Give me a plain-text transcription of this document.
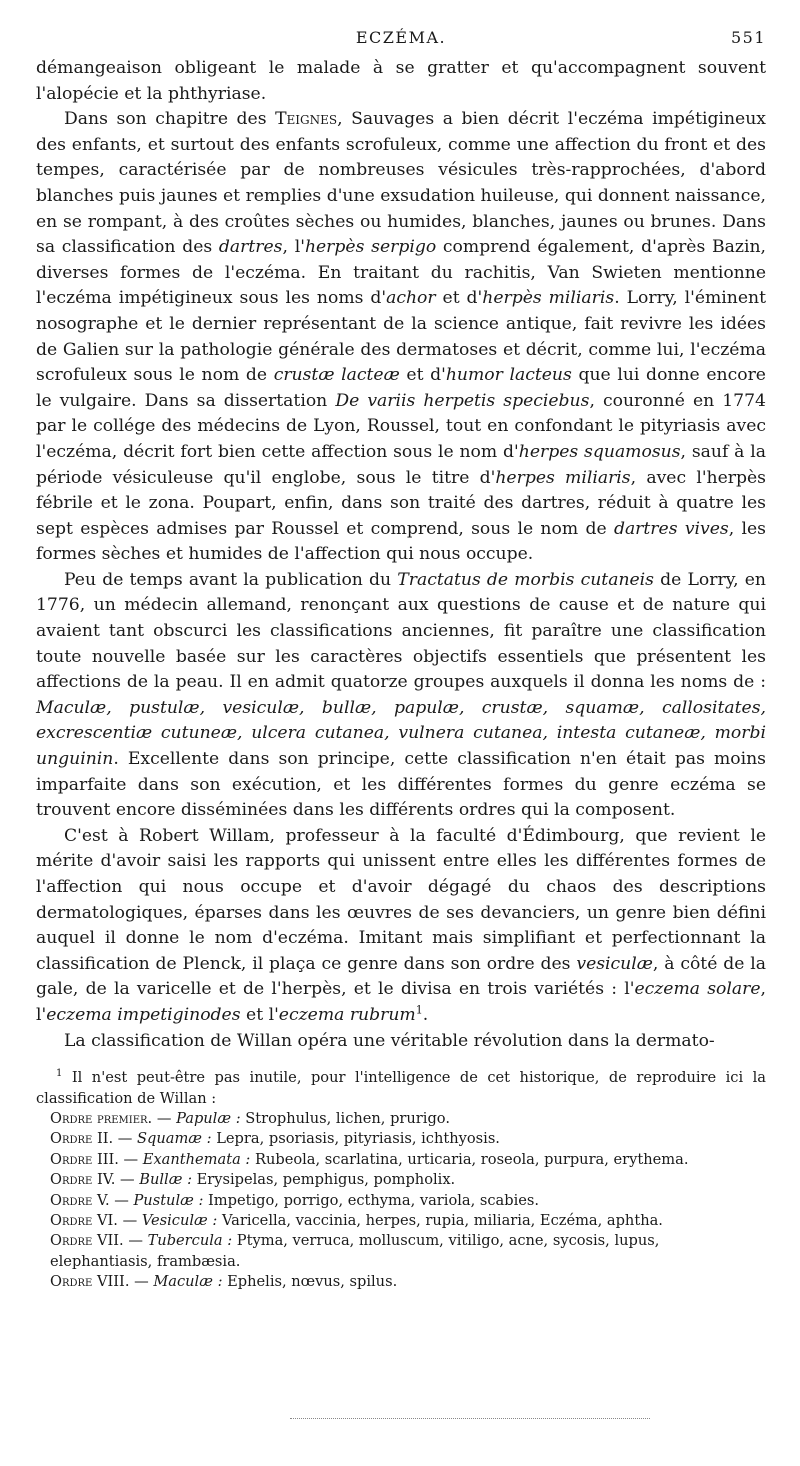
ECZÉMA.	551

démangeaison obligeant le malade à se gratter et qu'accompagnent souvent l'alopécie et la phthyriase.

Dans son chapitre des Teignes, Sauvages a bien décrit l'eczéma impétigineux des enfants, et surtout des enfants scrofuleux, comme une affection du front et des tempes, caractérisée par de nombreuses vésicules très-rapprochées, d'abord blanches puis jaunes et remplies d'une exsudation huileuse, qui donnent naissance, en se rompant, à des croûtes sèches ou humides, blanches, jaunes ou brunes. Dans sa classification des dartres, l'herpès serpigo comprend également, d'après Bazin, diverses formes de l'eczéma. En traitant du rachitis, Van Swieten mentionne l'eczéma impétigineux sous les noms d'achor et d'herpès miliaris. Lorry, l'éminent nosographe et le dernier représentant de la science antique, fait revivre les idées de Galien sur la pathologie générale des dermatoses et décrit, comme lui, l'eczéma scrofuleux sous le nom de crustæ lacteæ et d'humor lacteus que lui donne encore le vulgaire. Dans sa dissertation De variis herpetis speciebus, couronné en 1774 par le collége des médecins de Lyon, Roussel, tout en confondant le pityriasis avec l'eczéma, décrit fort bien cette affection sous le nom d'herpes squamosus, sauf à la période vésiculeuse qu'il englobe, sous le titre d'herpes miliaris, avec l'herpès fébrile et le zona. Poupart, enfin, dans son traité des dartres, réduit à quatre les sept espèces admises par Roussel et comprend, sous le nom de dartres vives, les formes sèches et humides de l'affection qui nous occupe.

Peu de temps avant la publication du Tractatus de morbis cutaneis de Lorry, en 1776, un médecin allemand, renonçant aux questions de cause et de nature qui avaient tant obscurci les classifications anciennes, fit paraître une classification toute nouvelle basée sur les caractères objectifs essentiels que présentent les affections de la peau. Il en admit quatorze groupes auxquels il donna les noms de : Maculæ, pustulæ, vesiculæ, bullæ, papulæ, crustæ, squamæ, callositates, excrescentiæ cutuneæ, ulcera cutanea, vulnera cutanea, intesta cutaneæ, morbi unguinin. Excellente dans son principe, cette classification n'en était pas moins imparfaite dans son exécution, et les différentes formes du genre eczéma se trouvent encore disséminées dans les différents ordres qui la composent.

C'est à Robert Willam, professeur à la faculté d'Édimbourg, que revient le mérite d'avoir saisi les rapports qui unissent entre elles les différentes formes de l'affection qui nous occupe et d'avoir dégagé du chaos des descriptions dermatologiques, éparses dans les œuvres de ses devanciers, un genre bien défini auquel il donne le nom d'eczéma. Imitant mais simplifiant et perfectionnant la classification de Plenck, il plaça ce genre dans son ordre des vesiculæ, à côté de la gale, de la varicelle et de l'herpès, et le divisa en trois variétés : l'eczema solare, l'eczema impetiginodes et l'eczema rubrum$^1$.

La classification de Willan opéra une véritable révolution dans la dermato-

$^1$ Il n'est peut-être pas inutile, pour l'intelligence de cet historique, de reproduire ici la classification de Willan :

Ordre premier. — Papulæ : Strophulus, lichen, prurigo.

Ordre II. — Squamæ : Lepra, psoriasis, pityriasis, ichthyosis.

Ordre III. — Exanthemata : Rubeola, scarlatina, urticaria, roseola, purpura, erythema.

Ordre IV. — Bullæ : Erysipelas, pemphigus, pompholix.

Ordre V. — Pustulæ : Impetigo, porrigo, ecthyma, variola, scabies.

Ordre VI. — Vesiculæ : Varicella, vaccinia, herpes, rupia, miliaria, Eczéma, aphtha.

Ordre VII. — Tubercula : Ptyma, verruca, molluscum, vitiligo, acne, sycosis, lupus, elephantiasis, frambæsia.

Ordre VIII. — Maculæ : Ephelis, nœvus, spilus.
